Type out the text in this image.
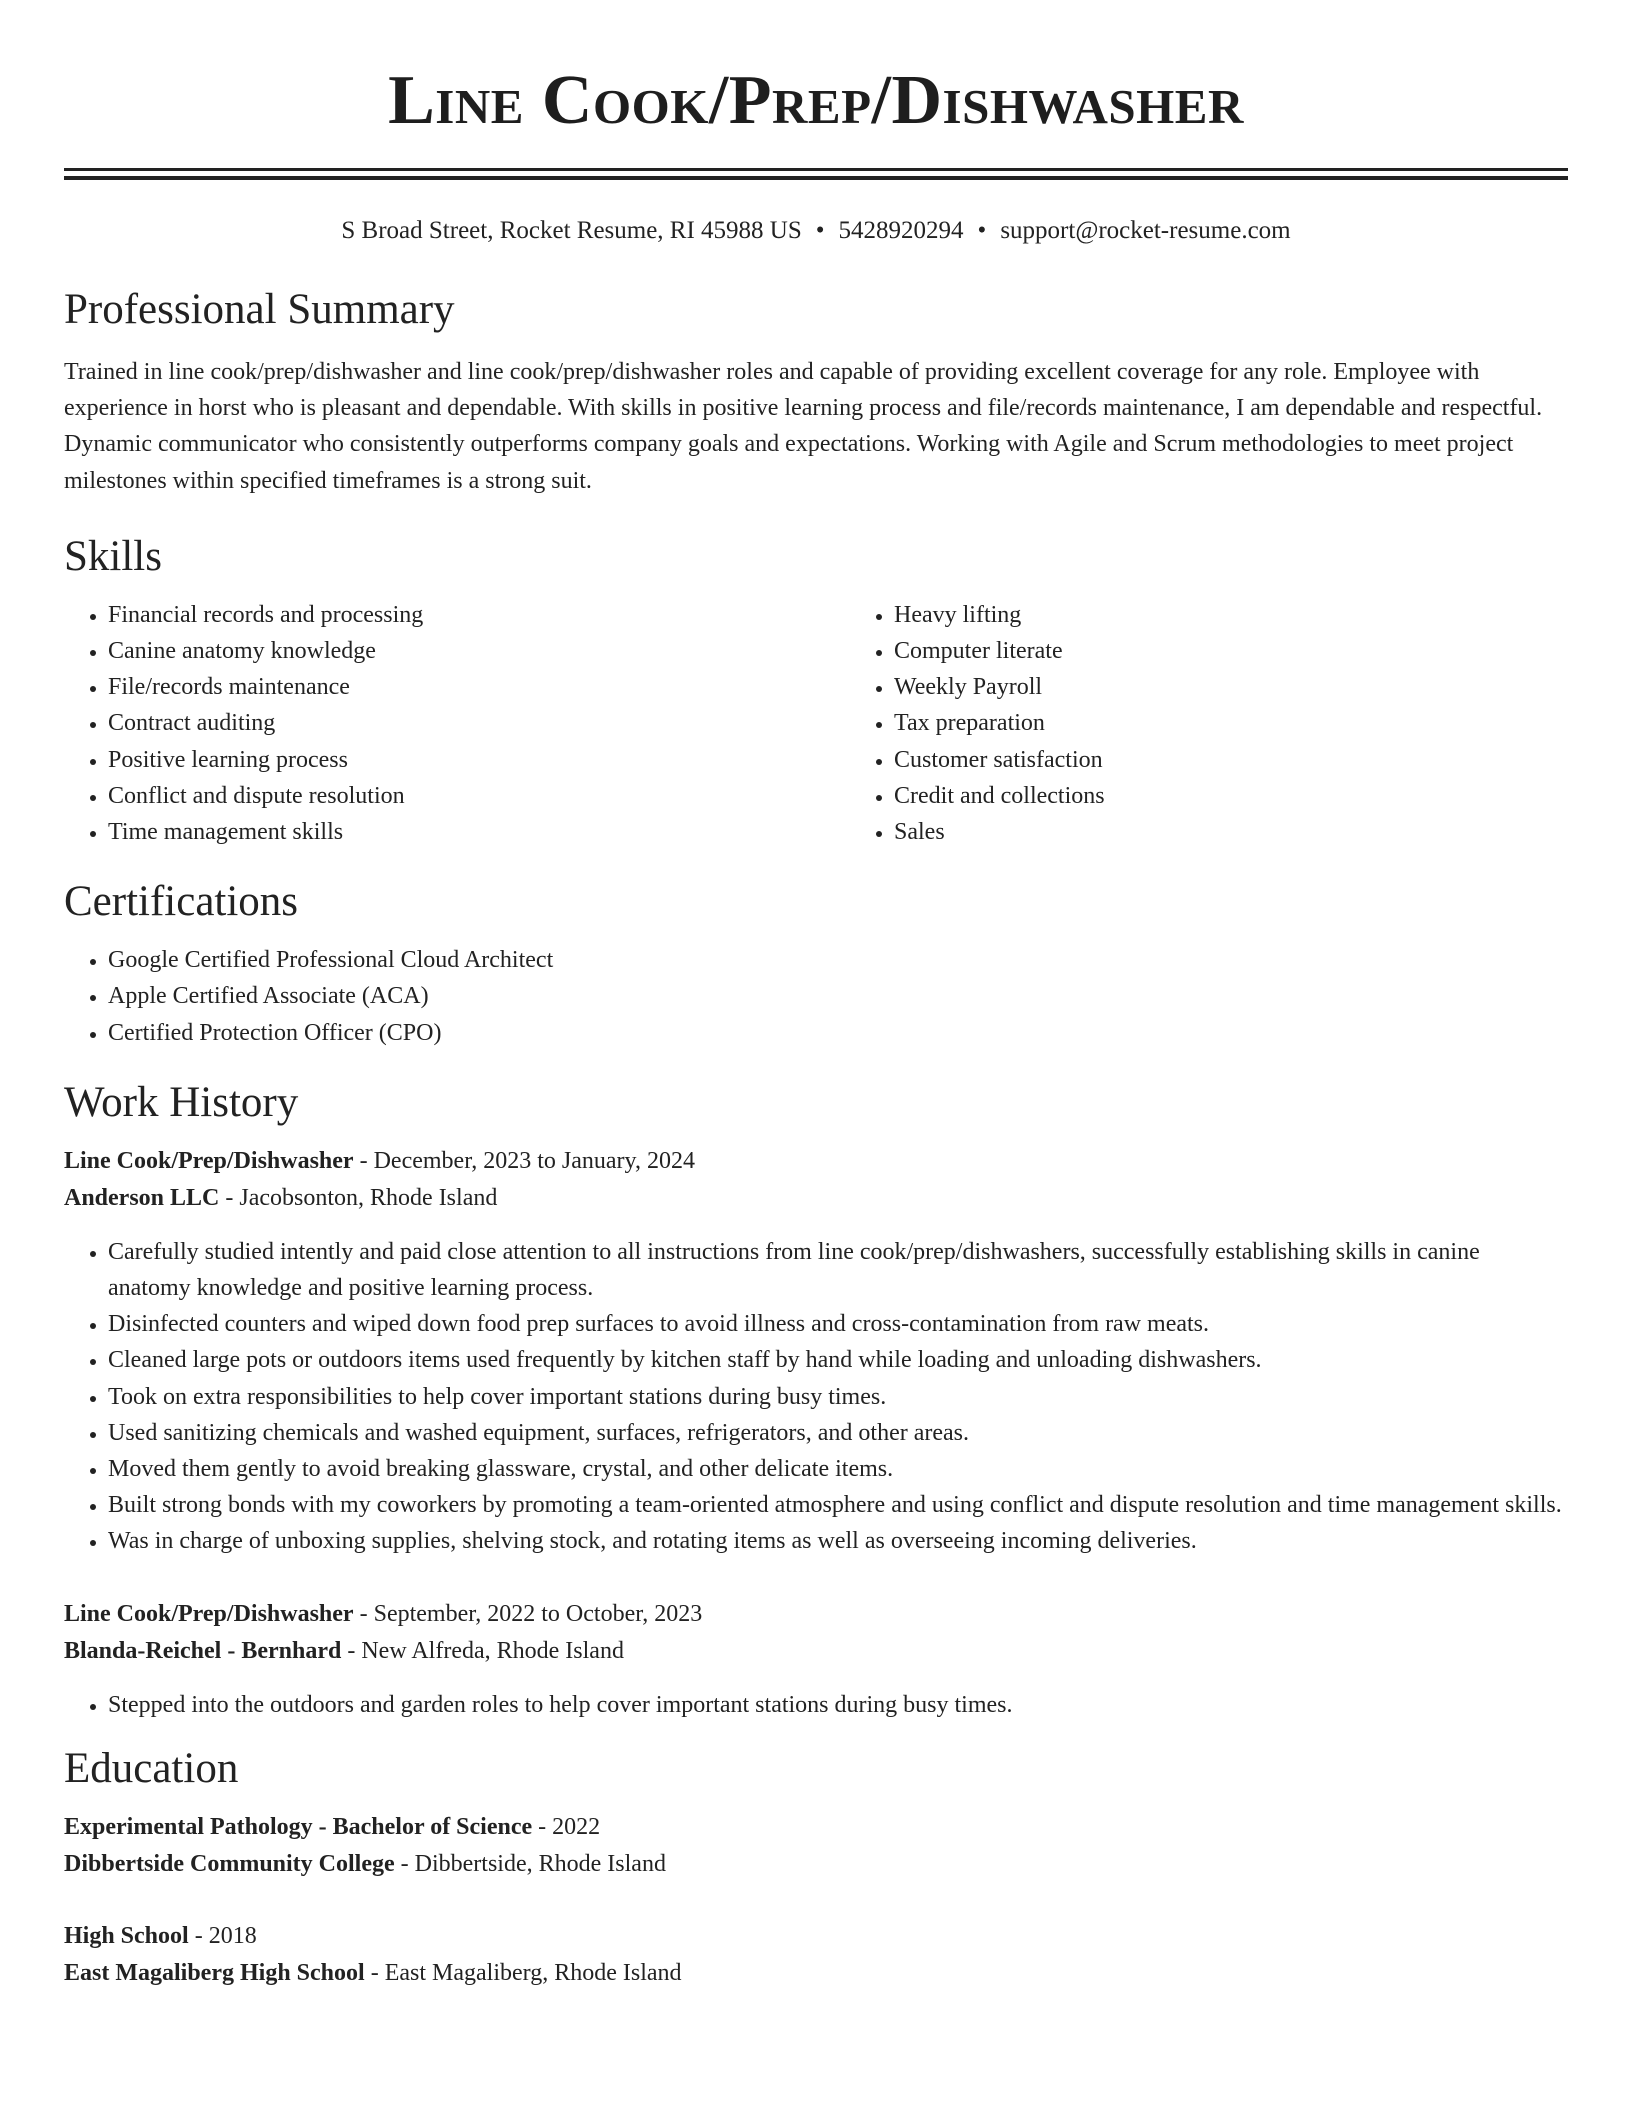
Line Cook/Prep/Dishwasher
S Broad Street, Rocket Resume, RI 45988 US • 5428920294 • support@rocket-resume.com
Professional Summary

Trained in line cook/prep/dishwasher and line cook/prep/dishwasher roles and capable of providing excellent coverage for any role. Employee with experience in horst who is pleasant and dependable. With skills in positive learning process and file/records maintenance, I am dependable and respectful. Dynamic communicator who consistently outperforms company goals and expectations. Working with Agile and Scrum methodologies to meet project milestones within specified timeframes is a strong suit.

Skills
• Financial records and processing
• Canine anatomy knowledge
• File/records maintenance
• Contract auditing
• Positive learning process
• Conflict and dispute resolution
• Time management skills
• Heavy lifting
• Computer literate
• Weekly Payroll
• Tax preparation
• Customer satisfaction
• Credit and collections
• Sales
Certifications
• Google Certified Professional Cloud Architect
• Apple Certified Associate (ACA)
• Certified Protection Officer (CPO)
Work History
Line Cook/Prep/Dishwasher - December, 2023 to January, 2024
Anderson LLC - Jacobsonton, Rhode Island
• Carefully studied intently and paid close attention to all instructions from line cook/prep/dishwashers, successfully establishing skills in canine anatomy knowledge and positive learning process.
• Disinfected counters and wiped down food prep surfaces to avoid illness and cross-contamination from raw meats.
• Cleaned large pots or outdoors items used frequently by kitchen staff by hand while loading and unloading dishwashers.
• Took on extra responsibilities to help cover important stations during busy times.
• Used sanitizing chemicals and washed equipment, surfaces, refrigerators, and other areas.
• Moved them gently to avoid breaking glassware, crystal, and other delicate items.
• Built strong bonds with my coworkers by promoting a team-oriented atmosphere and using conflict and dispute resolution and time management skills.
• Was in charge of unboxing supplies, shelving stock, and rotating items as well as overseeing incoming deliveries.
Line Cook/Prep/Dishwasher - September, 2022 to October, 2023
Blanda-Reichel - Bernhard - New Alfreda, Rhode Island
• Stepped into the outdoors and garden roles to help cover important stations during busy times.
Education
Experimental Pathology - Bachelor of Science - 2022
Dibbertside Community College - Dibbertside, Rhode Island
High School - 2018
East Magaliberg High School - East Magaliberg, Rhode Island
